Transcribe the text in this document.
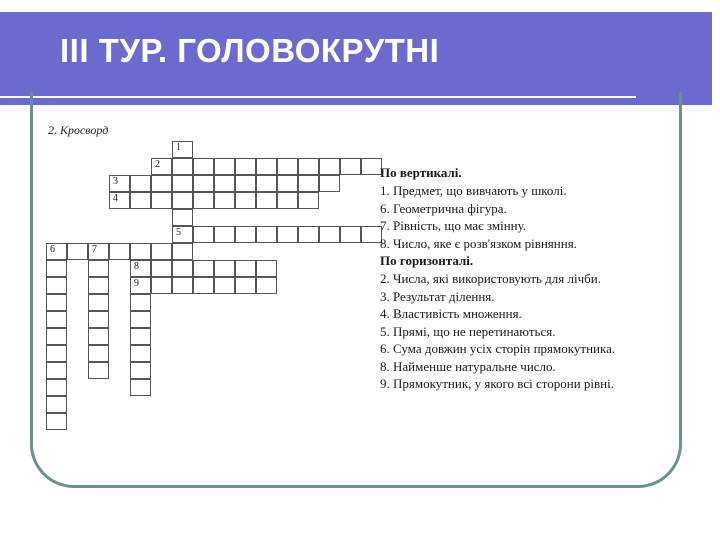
ІІІ ТУР. ГОЛОВОКРУТНІ
2. Кросворд
1
2
3
4
5
6	7
8
9
По вертикалі.
1. Предмет, що вивчають у школі.
6. Геометрична фігура.
7. Рівність, що має змінну.
8. Число, яке є розв'язком рівняння.
По горизонталі.
2. Числа, які використовують для лічби.
3. Результат ділення.
4. Властивість множення.
5. Прямі, що не перетинаються.
6. Сума довжин усіх сторін прямокутника.
8. Найменше натуральне число.
9. Прямокутник, у якого всі сторони рівні.
